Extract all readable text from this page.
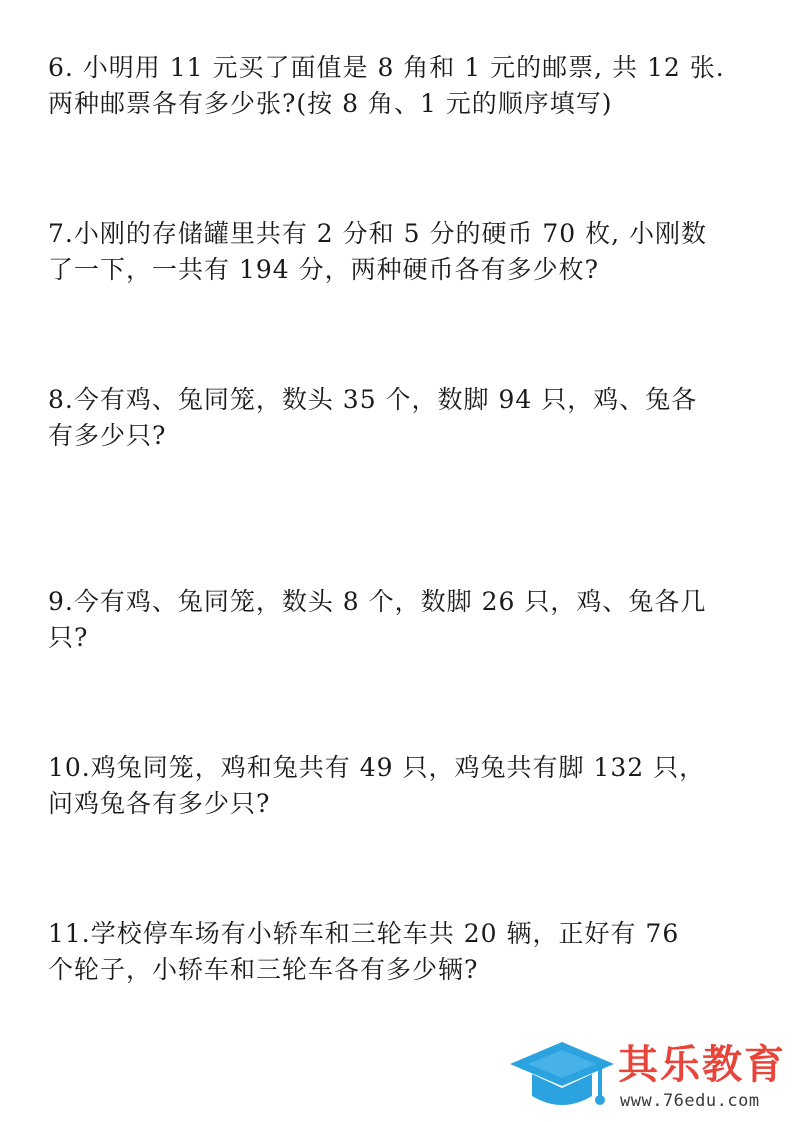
6. 小明用 11 元买了面值是 8 角和 1 元的邮票, 共 12 张.
两种邮票各有多少张?(按 8 角、1 元的顺序填写)

7.小刚的存储罐里共有 2 分和 5 分的硬币 70 枚, 小刚数
了一下，一共有 194 分，两种硬币各有多少枚?

8.今有鸡、兔同笼，数头 35 个，数脚 94 只，鸡、兔各
有多少只?

9.今有鸡、兔同笼，数头 8 个，数脚 26 只，鸡、兔各几
只?

10.鸡兔同笼，鸡和兔共有 49 只，鸡兔共有脚 132 只，
问鸡兔各有多少只?

11.学校停车场有小轿车和三轮车共 20 辆，正好有 76
个轮子，小轿车和三轮车各有多少辆?

其乐教育
www.76edu.com
